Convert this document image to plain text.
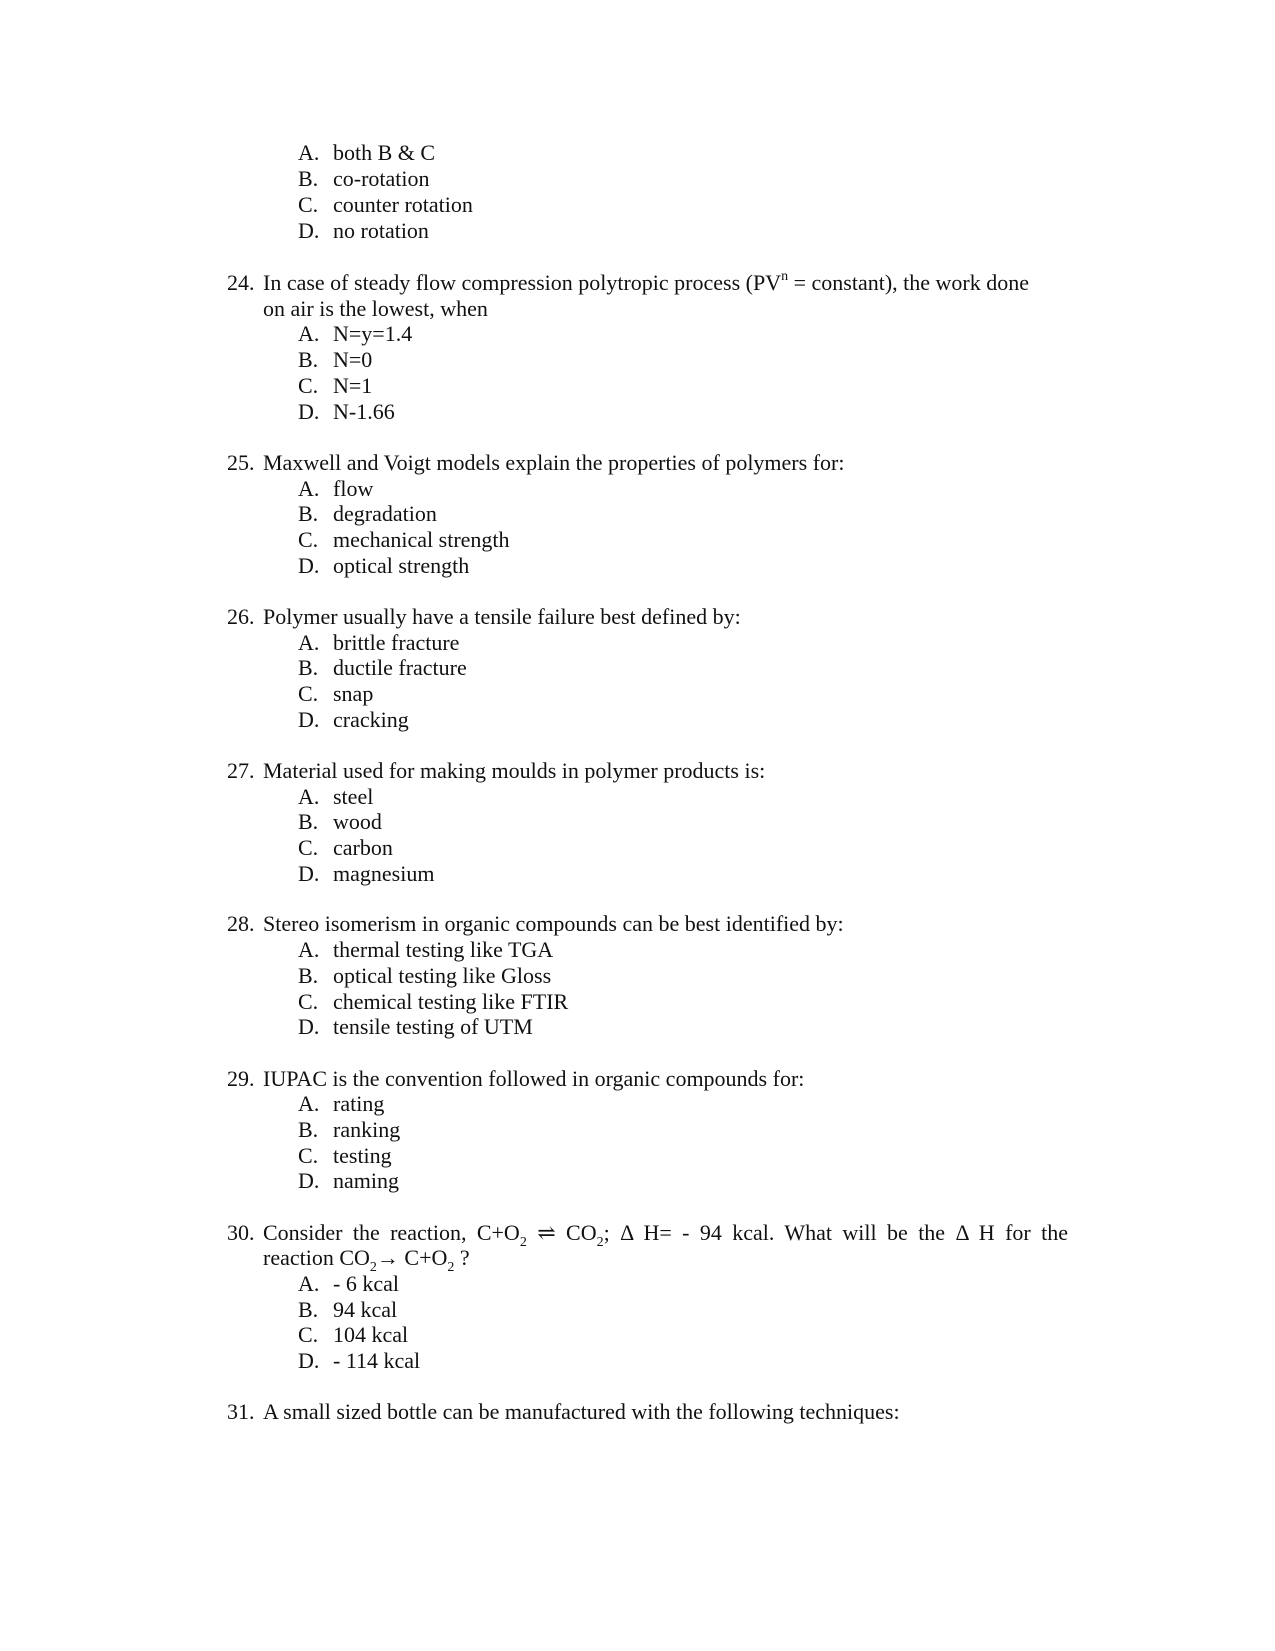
A. both B & C
B. co-rotation
C. counter rotation
D. no rotation
24. In case of steady flow compression polytropic process ($PV^n$ = constant), the work done
on air is the lowest, when
A. N=y=1.4
B. N=0
C. N=1
D. N-1.66
25. Maxwell and Voigt models explain the properties of polymers for:
A. flow
B. degradation
C. mechanical strength
D. optical strength
26. Polymer usually have a tensile failure best defined by:
A. brittle fracture
B. ductile fracture
C. snap
D. cracking
27. Material used for making moulds in polymer products is:
A. steel
B. wood
C. carbon
D. magnesium
28. Stereo isomerism in organic compounds can be best identified by:
A. thermal testing like TGA
B. optical testing like Gloss
C. chemical testing like FTIR
D. tensile testing of UTM
29. IUPAC is the convention followed in organic compounds for:
A. rating
B. ranking
C. testing
D. naming
30. Consider the reaction, $C+O_2$ ⇌ $CO_2$; Δ H= - 94 kcal. What will be the Δ H for the
reaction $CO_2\to C+O_2$ ?
A. - 6 kcal
B. 94 kcal
C. 104 kcal
D. - 114 kcal
31. A small sized bottle can be manufactured with the following techniques:
